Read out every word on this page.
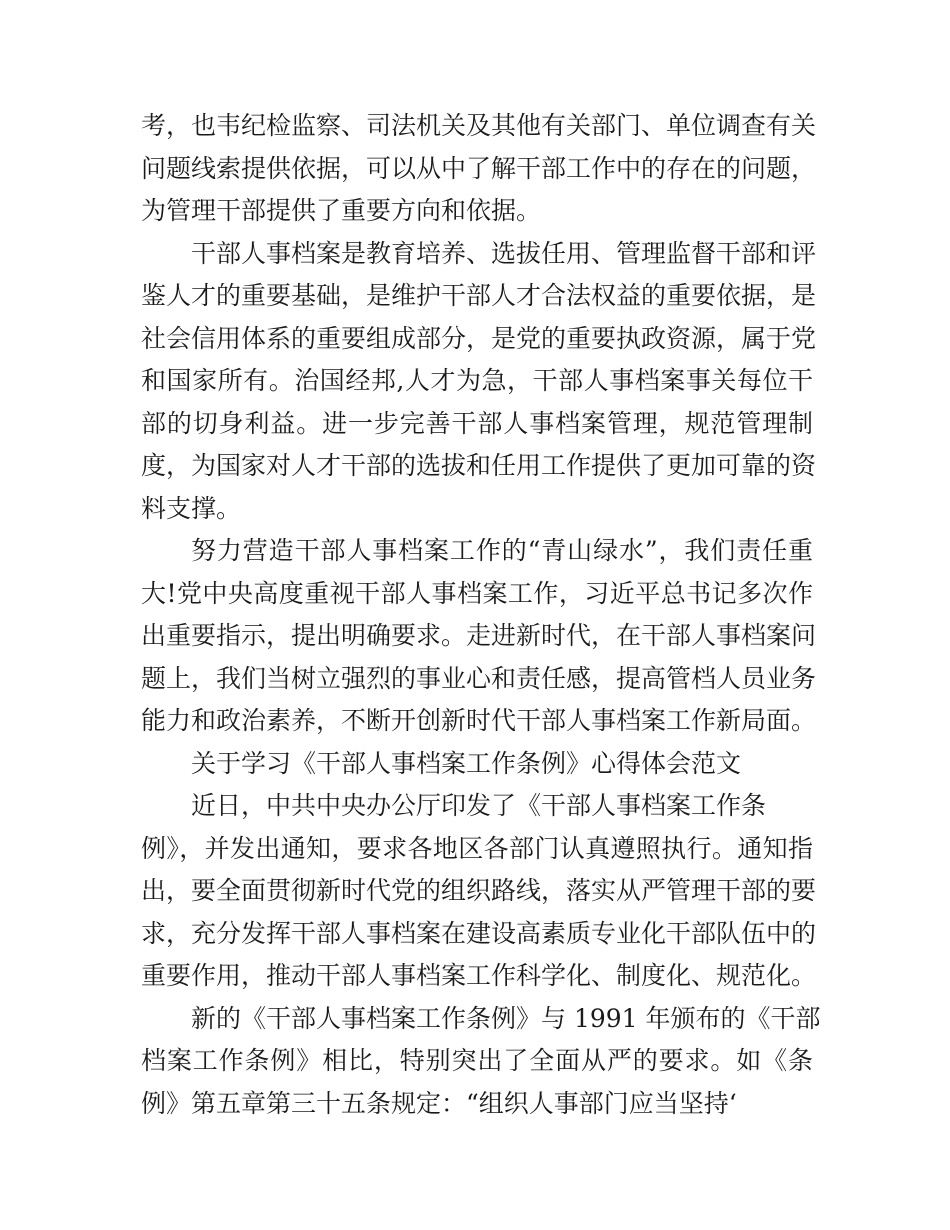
考，也韦纪检监察、司法机关及其他有关部门、单位调查有关
问题线索提供依据，可以从中了解干部工作中的存在的问题，
为管理干部提供了重要方向和依据。
干部人事档案是教育培养、选拔任用、管理监督干部和评
鉴人才的重要基础，是维护干部人才合法权益的重要依据，是
社会信用体系的重要组成部分，是党的重要执政资源，属于党
和国家所有。治国经邦,人才为急，干部人事档案事关每位干
部的切身利益。进一步完善干部人事档案管理，规范管理制
度，为国家对人才干部的选拔和任用工作提供了更加可靠的资
料支撑。
努力营造干部人事档案工作的“青山绿水”，我们责任重
大!党中央高度重视干部人事档案工作，习近平总书记多次作
出重要指示，提出明确要求。走进新时代，在干部人事档案问
题上，我们当树立强烈的事业心和责任感，提高管档人员业务
能力和政治素养，不断开创新时代干部人事档案工作新局面。
关于学习《干部人事档案工作条例》心得体会范文
近日，中共中央办公厅印发了《干部人事档案工作条
例》，并发出通知，要求各地区各部门认真遵照执行。通知指
出，要全面贯彻新时代党的组织路线，落实从严管理干部的要
求，充分发挥干部人事档案在建设高素质专业化干部队伍中的
重要作用，推动干部人事档案工作科学化、制度化、规范化。
新的《干部人事档案工作条例》与 1991 年颁布的《干部
档案工作条例》相比，特别突出了全面从严的要求。如《条
例》第五章第三十五条规定：“组织人事部门应当坚持‘
